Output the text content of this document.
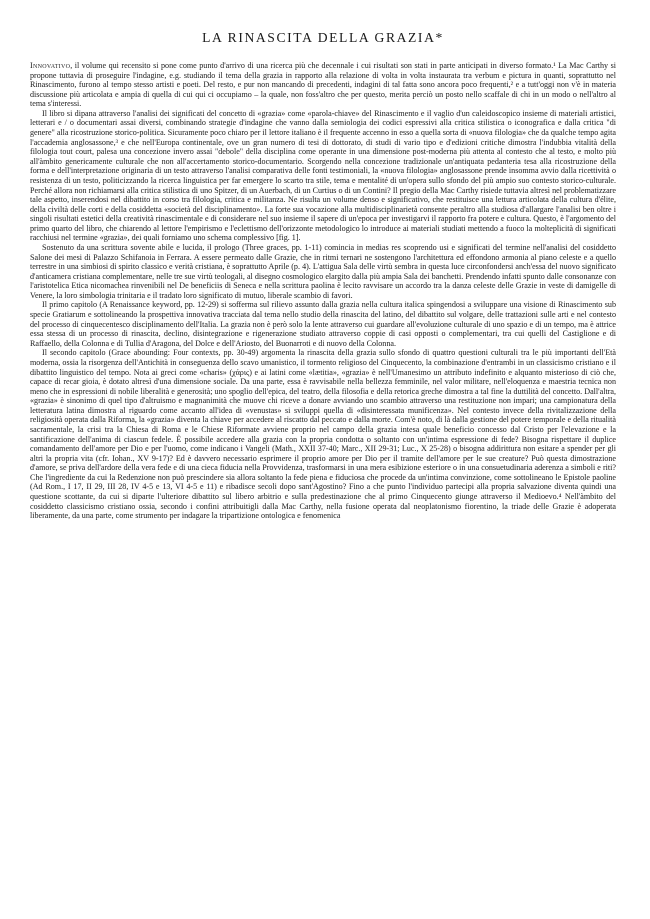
LA RINASCITA DELLA GRAZIA*

Innovativo, il volume qui recensito si pone come punto d'arrivo di una ricerca più che decennale i cui risultati son stati in parte anticipati in diverso formato.¹ La Mac Carthy si propone tuttavia di proseguire l'indagine, e.g. studiando il tema della grazia in rapporto alla relazione di volta in volta instaurata tra verbum e pictura in quanti, soprattutto nel Rinascimento, furono al tempo stesso artisti e poeti. Del resto, e pur non mancando di precedenti, indagini di tal fatta sono ancora poco frequenti,² e a tutt'oggi non v'è in materia discussione più articolata e ampia di quella di cui qui ci occupiamo – la quale, non foss'altro che per questo, merita perciò un posto nello scaffale di chi in un modo o nell'altro al tema s'interessi.

Il libro si dipana attraverso l'analisi dei significati del concetto di «grazia» come «parola-chiave» del Rinascimento e il vaglio d'un caleidoscopico insieme di materiali artistici, letterari e / o documentari assai diversi, combinando strategie d'indagine che vanno dalla semiologia dei codici espressivi alla critica stilistica o iconografica e dalla critica "di genere" alla ricostruzione storico-politica. Sicuramente poco chiaro per il lettore italiano è il frequente accenno in esso a quella sorta di «nuova filologia» che da qualche tempo agita l'accademia anglosassone,³ e che nell'Europa continentale, ove un gran numero di tesi di dottorato, di studi di vario tipo e d'edizioni critiche dimostra l'indubbia vitalità della filologia tout court, palesa una concezione invero assai "debole" della disciplina come operante in una dimensione post-moderna più attenta al contesto che al testo, e molto più all'àmbito genericamente culturale che non all'accertamento storico-documentario. Scorgendo nella concezione tradizionale un'antiquata pedanteria tesa alla ricostruzione della forma e dell'interpretazione originaria di un testo attraverso l'analisi comparativa delle fonti testimoniali, la «nuova filologia» anglosassone prende insomma avvio dalla ricettività o resistenza di un testo, politicizzando la ricerca linguistica per far emergere lo scarto tra stile, tema e mentalité di un'opera sullo sfondo del più ampio suo contesto storico-culturale. Perché allora non richiamarsi alla critica stilistica di uno Spitzer, di un Auerbach, di un Curtius o di un Contini? Il pregio della Mac Carthy risiede tuttavia altresì nel problematizzare tale aspetto, inserendosi nel dibattito in corso tra filologia, critica e militanza. Ne risulta un volume denso e significativo, che restituisce una lettura articolata della cultura d'élite, della civiltà delle corti e della cosiddetta «società del disciplinamento». La forte sua vocazione alla multidisciplinarietà consente peraltro alla studiosa d'allargare l'analisi ben oltre i singoli risultati estetici della creatività rinascimentale e di considerare nel suo insieme il sapere di un'epoca per investigarvi il rapporto fra potere e cultura. Questo, è l'argomento del primo quarto del libro, che chiarendo al lettore l'empirismo e l'eclettismo dell'orizzonte metodologico lo introduce ai materiali studiati mettendo a fuoco la molteplicità di significati racchiusi nel termine «grazia», dei quali forniamo uno schema complessivo [fig. 1].

Sostenuto da una scrittura sovente abile e lucida, il prologo (Three graces, pp. 1-11) comincia in medias res scoprendo usi e significati del termine nell'analisi del cosiddetto Salone dei mesi di Palazzo Schifanoia in Ferrara. A essere permeato dalle Grazie, che in ritmi ternari ne sostengono l'architettura ed effondono armonia al piano celeste e a quello terrestre in una simbiosi di spirito classico e verità cristiana, è soprattutto Aprile (p. 4). L'attigua Sala delle virtù sembra in questa luce circonfondersi anch'essa del nuovo significato d'anticamera cristiana complementare, nelle tre sue virtù teologali, al disegno cosmologico elargito dalla più ampia Sala dei banchetti. Prendendo infatti spunto dalle consonanze con l'aristotelica Etica nicomachea rinvenibili nel De beneficiis di Seneca e nella scrittura paolina è lecito ravvisare un accordo tra la danza celeste delle Grazie in veste di damigelle di Venere, la loro simbologia trinitaria e il tradato loro significato di mutuo, liberale scambio di favori.

Il primo capitolo (A Renaissance keyword, pp. 12-29) si sofferma sul rilievo assunto dalla grazia nella cultura italica spingendosi a sviluppare una visione di Rinascimento sub specie Gratiarum e sottolineando la prospettiva innovativa tracciata dal tema nello studio della rinascita del latino, del dibattito sul volgare, delle trattazioni sulle arti e nel contesto del processo di cinquecentesco disciplinamento dell'Italia. La grazia non è però solo la lente attraverso cui guardare all'evoluzione culturale di uno spazio e di un tempo, ma è attrice essa stessa di un processo di rinascita, declino, disintegrazione e rigenerazione studiato attraverso coppie di casi opposti o complementari, tra cui quelli del Castiglione e di Raffaello, della Colonna e di Tullia d'Aragona, del Dolce e dell'Ariosto, del Buonarroti e di nuovo della Colonna.

Il secondo capitolo (Grace abounding: Four contexts, pp. 30-49) argomenta la rinascita della grazia sullo sfondo di quattro questioni culturali tra le più importanti dell'Età moderna, ossia la risorgenza dell'Antichità in conseguenza dello scavo umanistico, il tormento religioso del Cinquecento, la combinazione d'entrambi in un classicismo cristiano e il dibattito linguistico del tempo. Nota ai greci come «charis» (χάρις) e ai latini come «lætitia», «grazia» è nell'Umanesimo un attributo indefinito e alquanto misterioso di ciò che, capace di recar gioia, è dotato altresì d'una dimensione sociale. Da una parte, essa è ravvisabile nella bellezza femminile, nel valor militare, nell'eloquenza e maestria tecnica non meno che in espressioni di nobile liberalità e generosità; uno spoglio dell'epica, del teatro, della filosofia e della retorica greche dimostra a tal fine la duttilità del concetto. Dall'altra, «grazia» è sinonimo di quel tipo d'altruismo e magnanimità che muove chi riceve a donare avviando uno scambio attraverso una restituzione non impari; una campionatura della letteratura latina dimostra al riguardo come accanto all'idea di «venustas» si sviluppi quella di «disinteressata munificenza». Nel contesto invece della rivitalizzazione della religiosità operata dalla Riforma, la «grazia» diventa la chiave per accedere al riscatto dal peccato e dalla morte. Com'è noto, di là dalla gestione del potere temporale e della ritualità sacramentale, la crisi tra la Chiesa di Roma e le Chiese Riformate avviene proprio nel campo della grazia intesa quale beneficio concesso dal Cristo per l'elevazione e la santificazione dell'anima di ciascun fedele. È possibile accedere alla grazia con la propria condotta o soltanto con un'intima espressione di fede? Bisogna rispettare il duplice comandamento dell'amore per Dio e per l'uomo, come indicano i Vangeli (Math., XXII 37-40; Marc., XII 29-31; Luc., X 25-28) o bisogna addirittura non esitare a spender per gli altri la propria vita (cfr. Iohan., XV 9-17)? Ed è davvero necessario esprimere il proprio amore per Dio per il tramite dell'amore per le sue creature? Può questa dimostrazione d'amore, se priva dell'ardore della vera fede e di una cieca fiducia nella Provvidenza, trasformarsi in una mera esibizione esteriore o in una consuetudinaria aderenza a simboli e riti? Che l'ingrediente da cui la Redenzione non può prescindere sia allora soltanto la fede piena e fiduciosa che procede da un'intima convinzione, come sottolineano le Epistole paoline (Ad Rom., I 17, II 29, III 28, IV 4-5 e 13, VI 4-5 e 11) e ribadisce secoli dopo sant'Agostino? Fino a che punto l'individuo partecipi alla propria salvazione diventa quindi una questione scottante, da cui si diparte l'ulteriore dibattito sul libero arbitrio e sulla predestinazione che al primo Cinquecento giunge attraverso il Medioevo.⁴ Nell'àmbito del cosiddetto classicismo cristiano ossia, secondo i confini attribuitigli dalla Mac Carthy, nella fusione operata dal neoplatonismo fiorentino, la triade delle Grazie è adoperata liberamente, da una parte, come strumento per indagare la tripartizione ontologica e fenomenica
